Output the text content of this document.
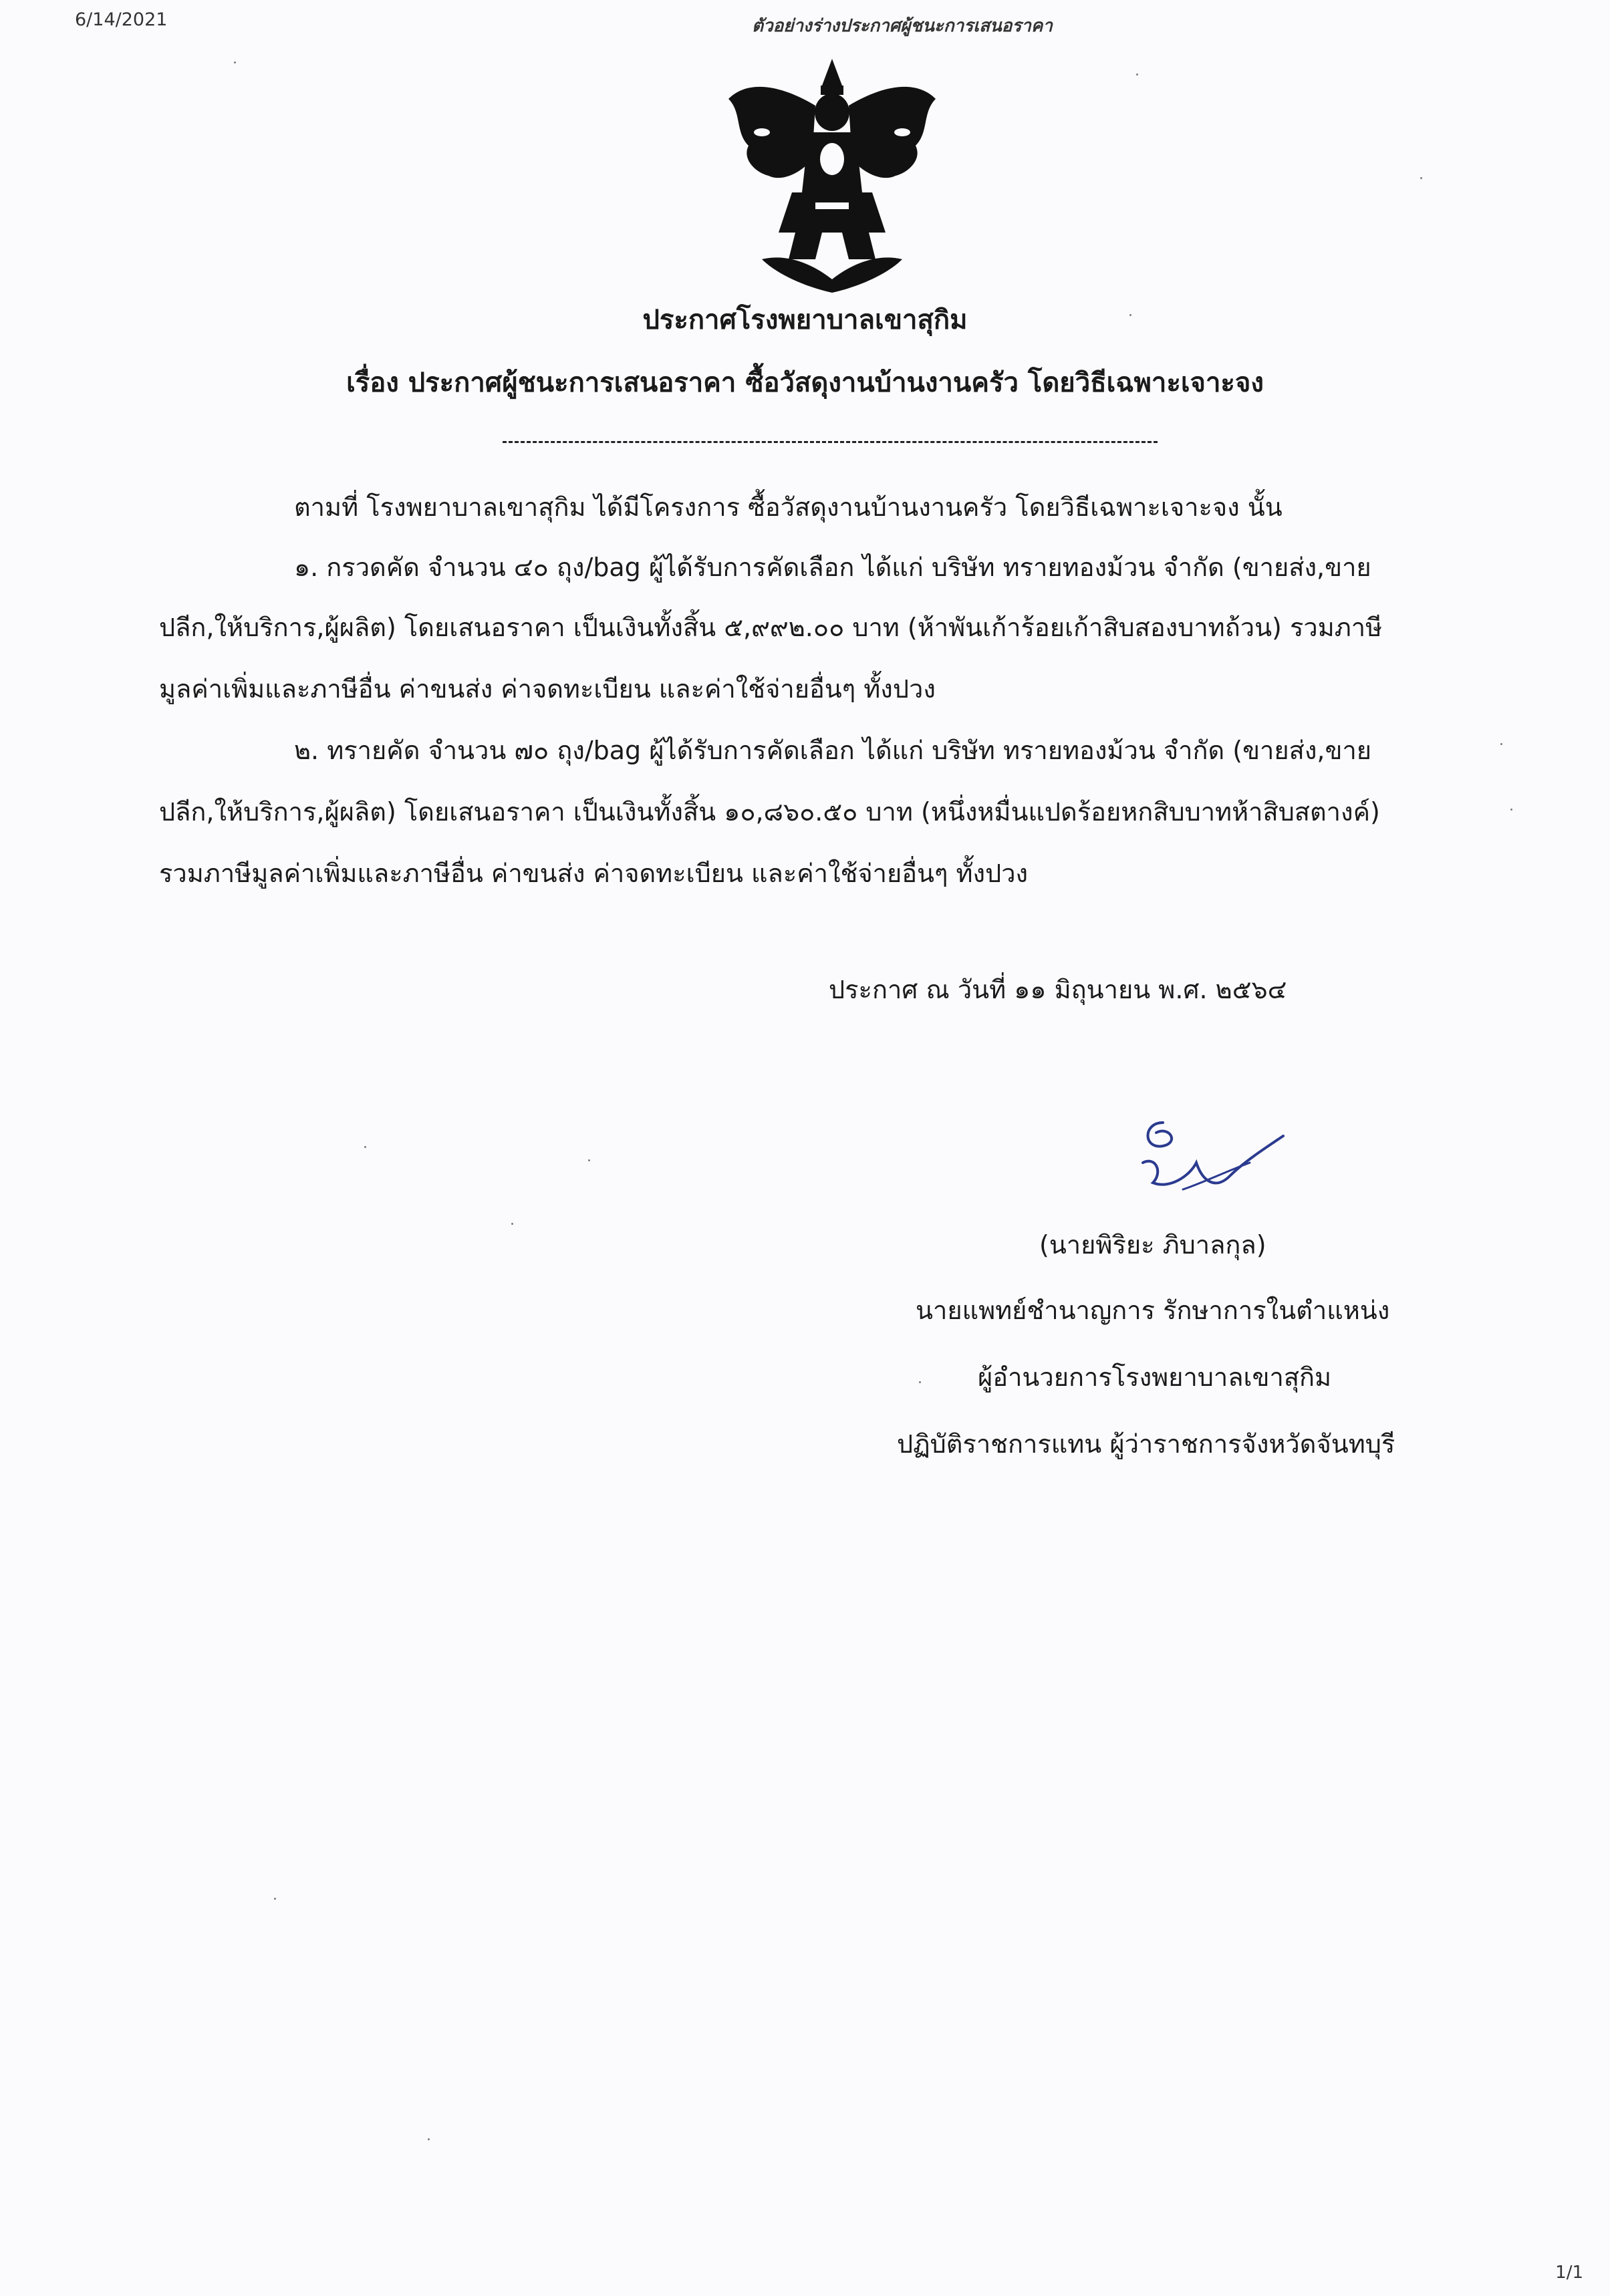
6/14/2021	ตัวอย่างร่างประกาศผู้ชนะการเสนอราคา
ประกาศโรงพยาบาลเขาสุกิม
เรื่อง ประกาศผู้ชนะการเสนอราคา ซื้อวัสดุงานบ้านงานครัว โดยวิธีเฉพาะเจาะจง
ตามที่ โรงพยาบาลเขาสุกิม ได้มีโครงการ ซื้อวัสดุงานบ้านงานครัว โดยวิธีเฉพาะเจาะจง นั้น
๑. กรวดคัด จำนวน ๔๐ ถุง/bag ผู้ได้รับการคัดเลือก ได้แก่ บริษัท ทรายทองม้วน จำกัด (ขายส่ง,ขาย
ปลีก,ให้บริการ,ผู้ผลิต) โดยเสนอราคา เป็นเงินทั้งสิ้น ๕,๙๙๒.๐๐ บาท (ห้าพันเก้าร้อยเก้าสิบสองบาทถ้วน) รวมภาษี
มูลค่าเพิ่มและภาษีอื่น ค่าขนส่ง ค่าจดทะเบียน และค่าใช้จ่ายอื่นๆ ทั้งปวง
๒. ทรายคัด จำนวน ๗๐ ถุง/bag ผู้ได้รับการคัดเลือก ได้แก่ บริษัท ทรายทองม้วน จำกัด (ขายส่ง,ขาย
ปลีก,ให้บริการ,ผู้ผลิต) โดยเสนอราคา เป็นเงินทั้งสิ้น ๑๐,๘๖๐.๕๐ บาท (หนึ่งหมื่นแปดร้อยหกสิบบาทห้าสิบสตางค์)
รวมภาษีมูลค่าเพิ่มและภาษีอื่น ค่าขนส่ง ค่าจดทะเบียน และค่าใช้จ่ายอื่นๆ ทั้งปวง
ประกาศ ณ วันที่ ๑๑ มิถุนายน พ.ศ. ๒๕๖๔
(นายพิริยะ ภิบาลกุล)
นายแพทย์ชำนาญการ รักษาการในตำแหน่ง
ผู้อำนวยการโรงพยาบาลเขาสุกิม
ปฏิบัติราชการแทน ผู้ว่าราชการจังหวัดจันทบุรี
1/1
